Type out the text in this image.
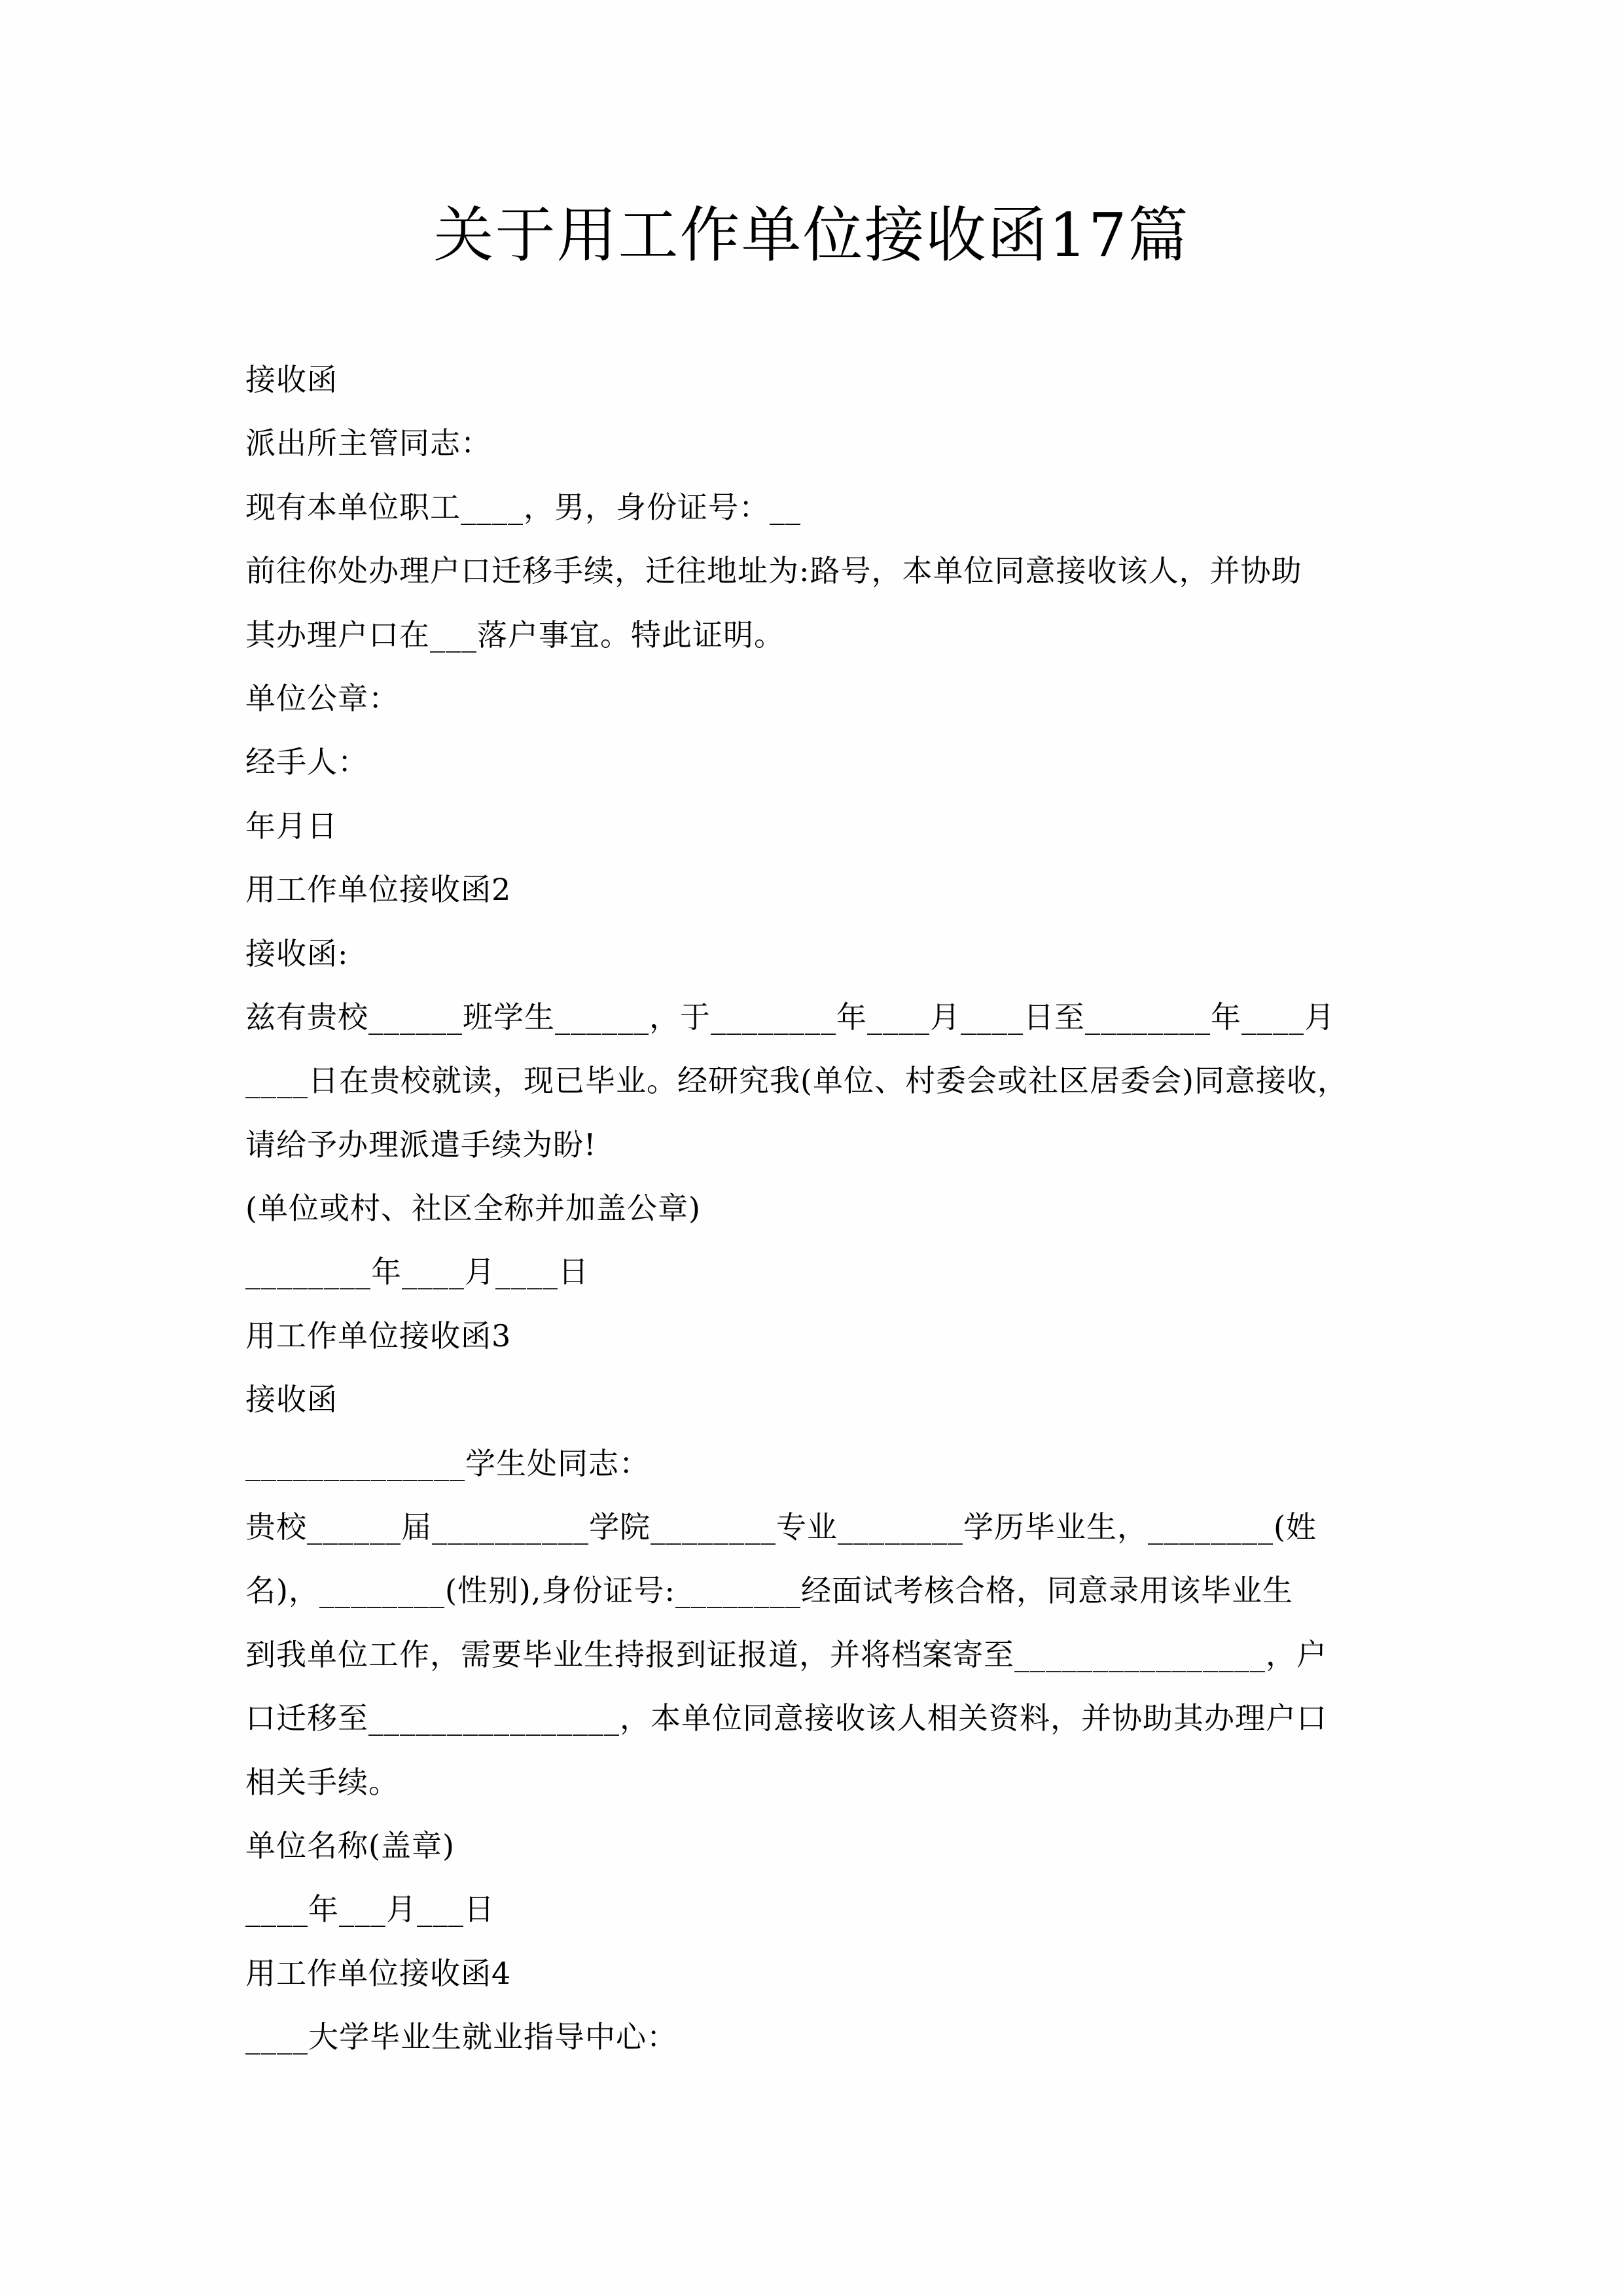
关于用工作单位接收函17篇

接收函

派出所主管同志：

现有本单位职工____，男，身份证号：__

前往你处办理户口迁移手续，迁往地址为:路号，本单位同意接收该人，并协助

其办理户口在___落户事宜。特此证明。

单位公章：

经手人：

年月日

用工作单位接收函2

接收函:

兹有贵校______班学生______，于________年____月____日至________年____月

____日在贵校就读，现已毕业。经研究我(单位、村委会或社区居委会)同意接收，

请给予办理派遣手续为盼!

(单位或村、社区全称并加盖公章)

________年____月____日

用工作单位接收函3

接收函

______________学生处同志：

贵校______届__________学院________专业________学历毕业生，________(姓

名)，________(性别),身份证号:________经面试考核合格，同意录用该毕业生

到我单位工作，需要毕业生持报到证报道，并将档案寄至________________，户

口迁移至________________，本单位同意接收该人相关资料，并协助其办理户口

相关手续。

单位名称(盖章)

____年___月___日

用工作单位接收函4

____大学毕业生就业指导中心：
